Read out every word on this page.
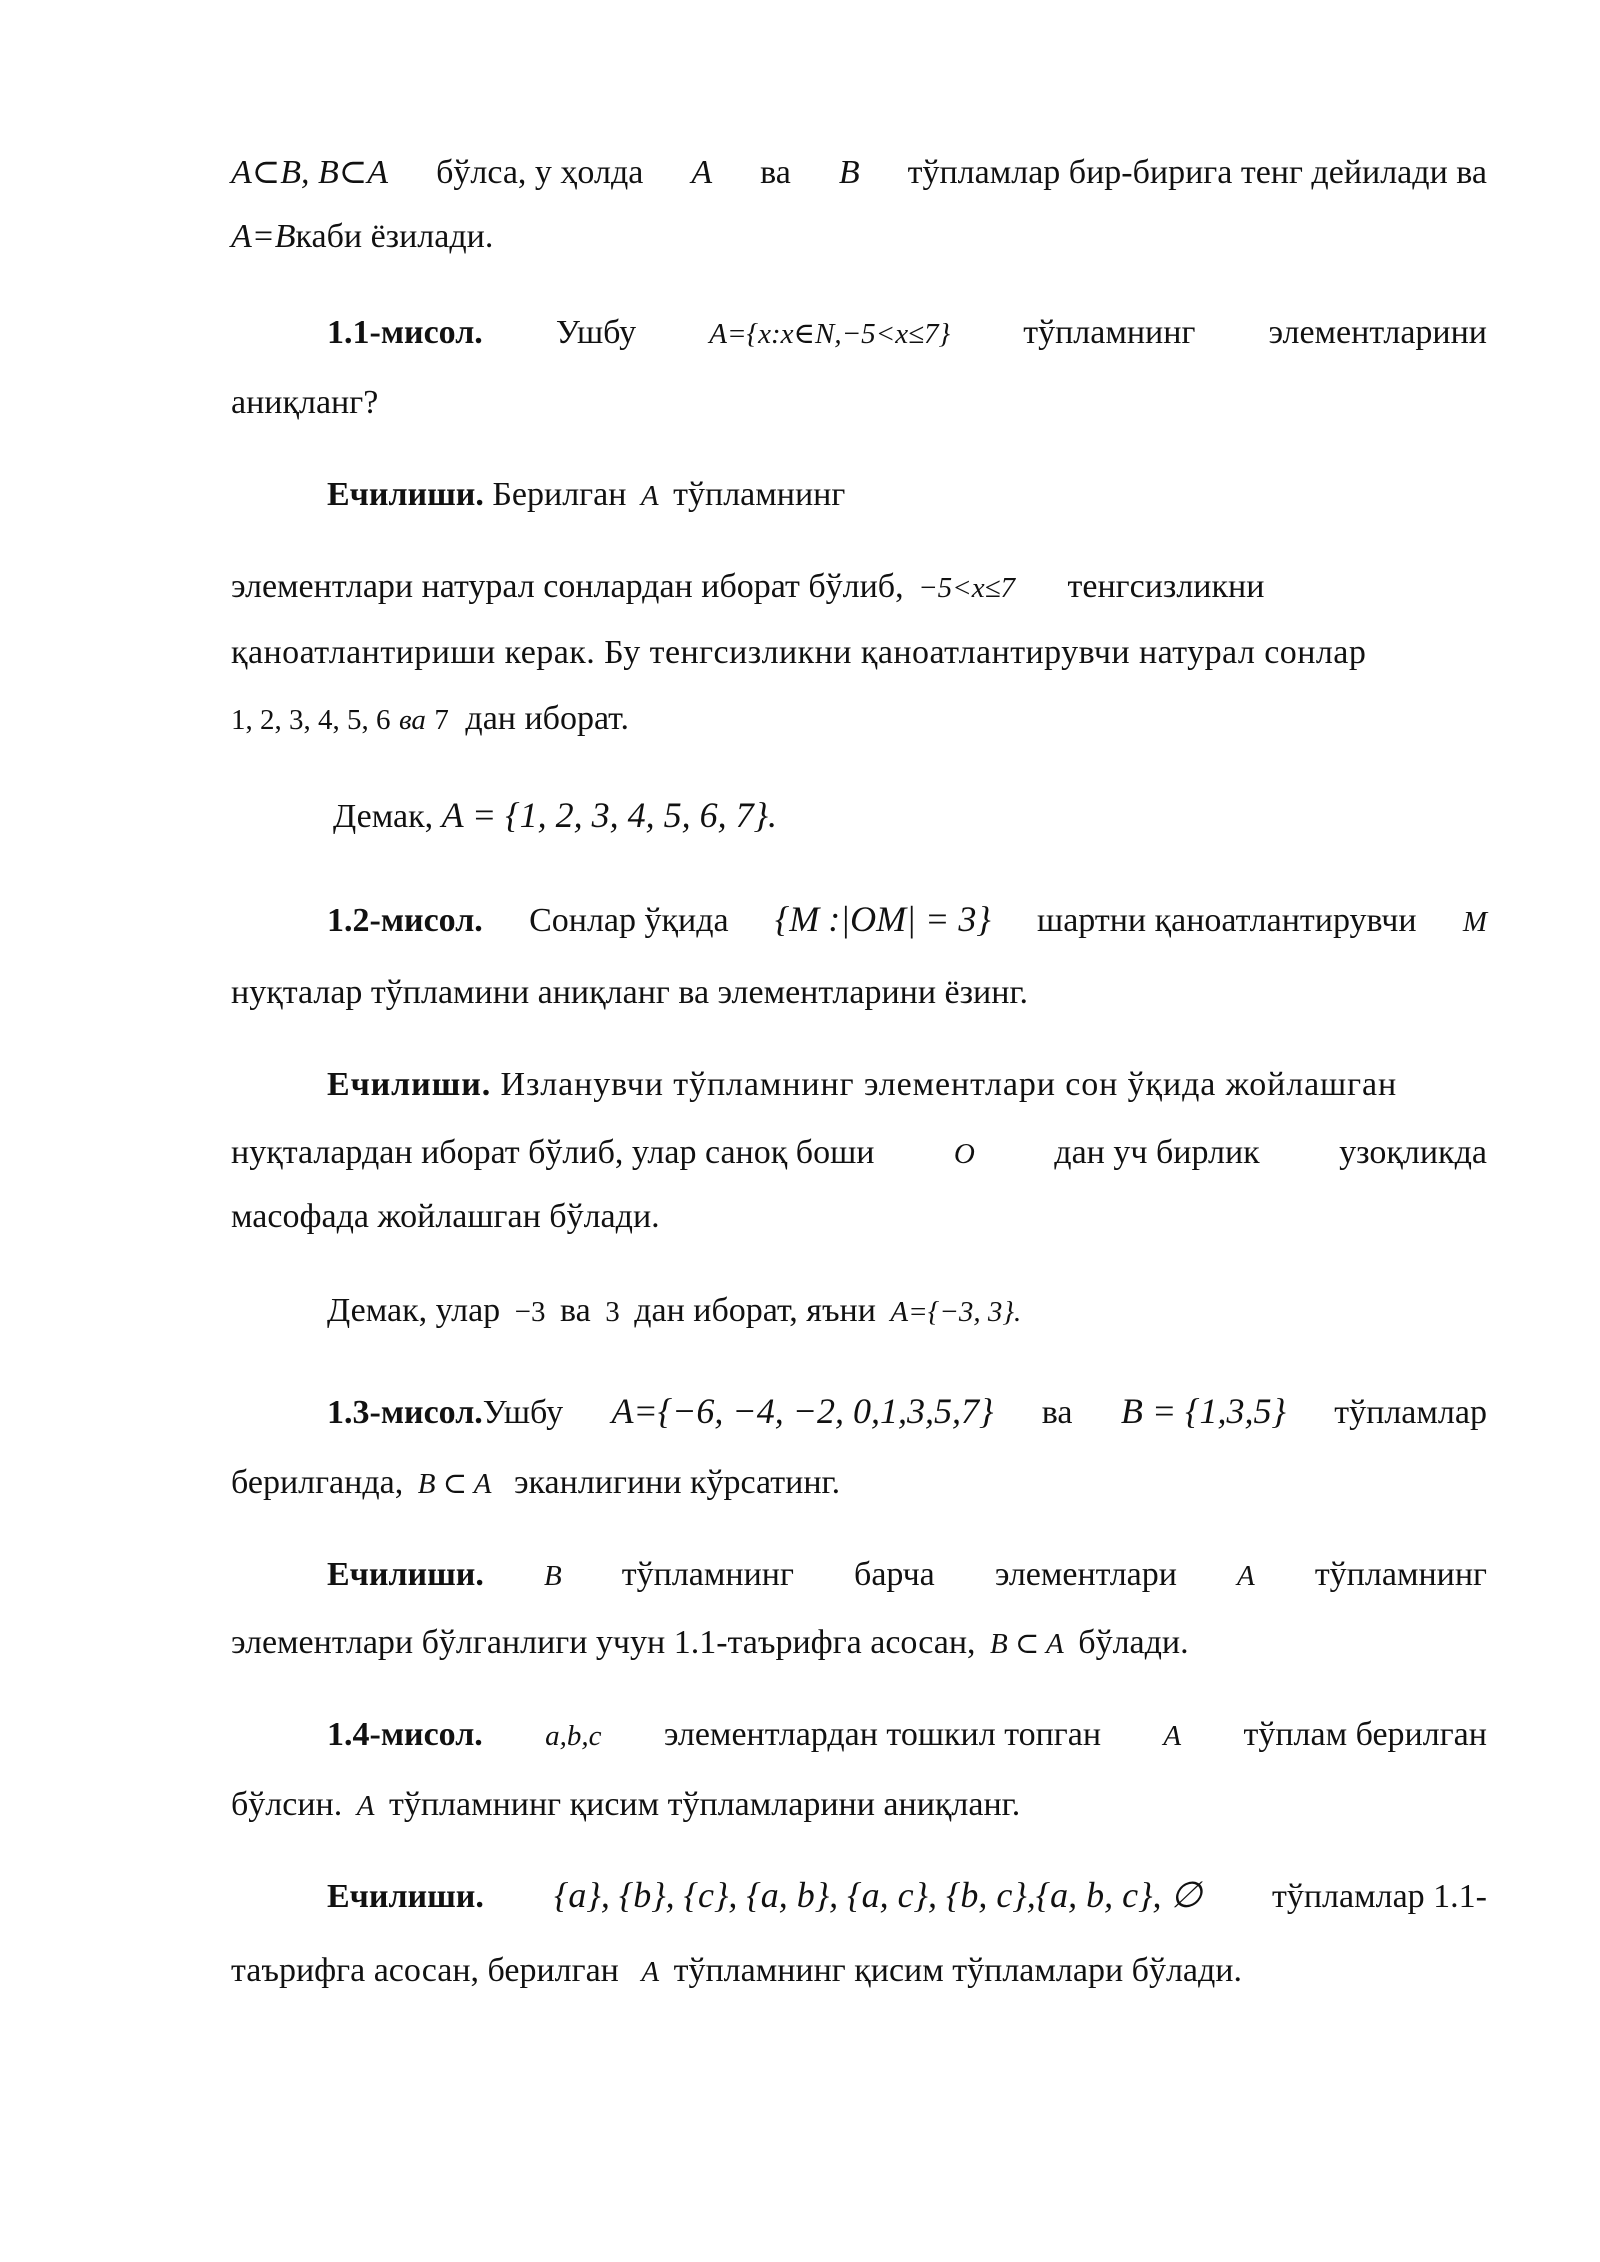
A⊂B, B⊂A бўлса, у ҳолда A ва B тўпламлар бир-бирига тенг дейилади ва
A=Bкаби ёзилади.
1.1-мисол. Ушбу	A={x:x∈N,−5<x≤7} тўпламнинг элементларини
аниқланг?
Ечилиши. Берилган A тўпламнинг
элементлари натурал сонлардан иборат бўлиб, −5<x≤7 тенгсизликни
қаноатлантириши керак. Бу тенгсизликни қаноатлантирувчи натурал сонлар
1, 2, 3, 4, 5, 6 ва 7 дан иборат.
Демак, A = {1, 2, 3, 4, 5, 6, 7}.
1.2-мисол. Сонлар ўқида {M :|OM| = 3} шартни қаноатлантирувчи M
нуқталар тўпламини аниқланг ва элементларини ёзинг.
Ечилиши. Изланувчи тўпламнинг элементлари сон ўқида жойлашган
нуқталардан иборат бўлиб, улар саноқ боши	O дан уч бирлик узоқликда
масофада жойлашган бўлади.
Демак, улар −3 ва 3 дан иборат, яъни A={−3, 3}.
1.3-мисол.Ушбу A={−6, −4, −2, 0,1,3,5,7} ва B = {1,3,5} тўпламлар
берилганда, B ⊂ A эканлигини кўрсатинг.
Ечилиши. B тўпламнинг барча элементлари A тўпламнинг
элементлари бўлганлиги учун 1.1-таърифга асосан, B ⊂ A бўлади.
1.4-мисол. a,b,c элементлардан тошкил топган A тўплам берилган
бўлсин. A тўпламнинг қисим тўпламларини аниқланг.
Ечилиши. {a}, {b}, {c}, {a, b}, {a, c}, {b, c},{a, b, c}, ∅ тўпламлар 1.1-
таърифга асосан, берилган A тўпламнинг қисим тўпламлари бўлади.
